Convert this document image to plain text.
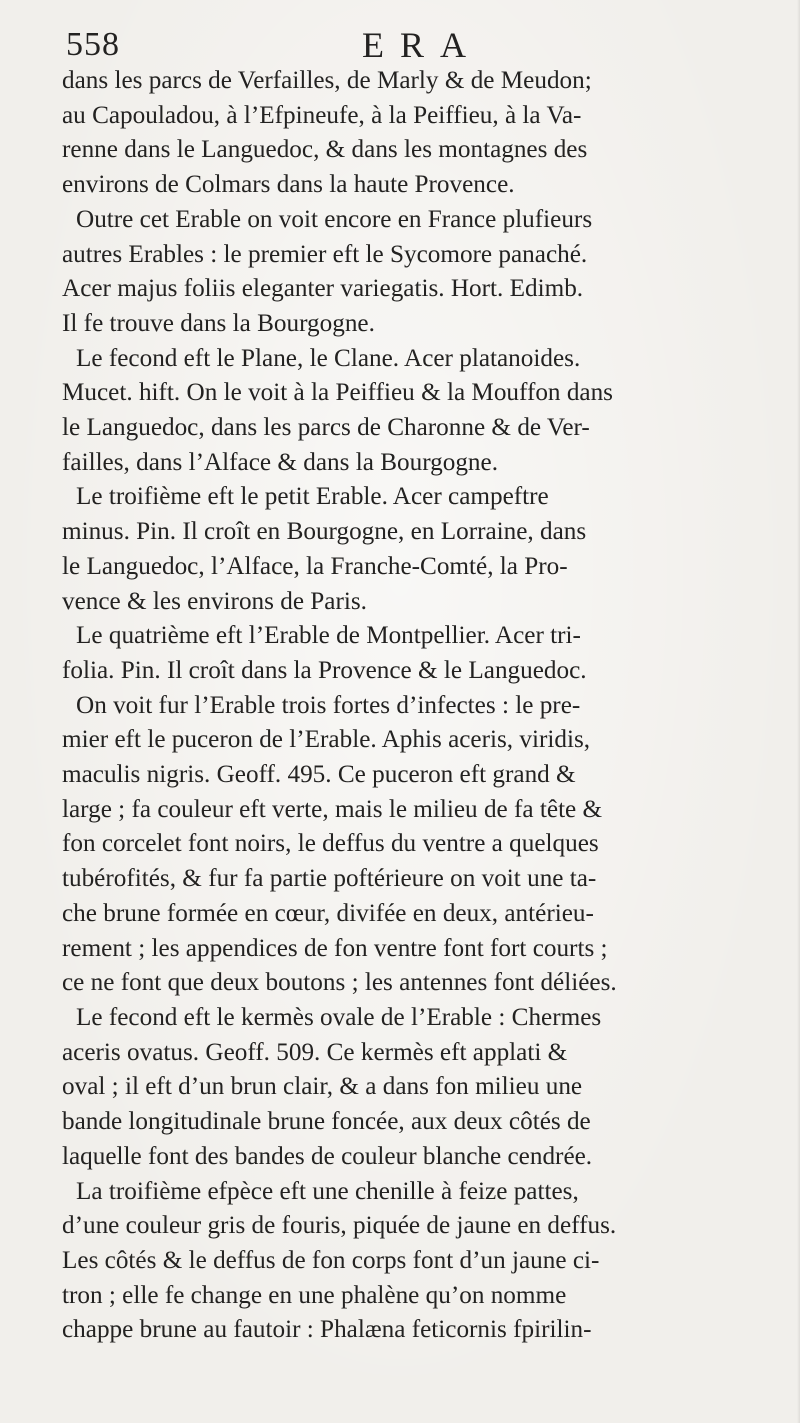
558	ERA
dans les parcs de Verfailles, de Marly & de Meudon;
au Capouladou, à l’Efpineufe, à la Peiffieu, à la Va-
renne dans le Languedoc, & dans les montagnes des
environs de Colmars dans la haute Provence.
Outre cet Erable on voit encore en France plufieurs
autres Erables : le premier eft le Sycomore panaché.
Acer majus foliis eleganter variegatis. Hort. Edimb.
Il fe trouve dans la Bourgogne.
Le fecond eft le Plane, le Clane. Acer platanoides.
Mucet. hift. On le voit à la Peiffieu & la Mouffon dans
le Languedoc, dans les parcs de Charonne & de Ver-
failles, dans l’Alface & dans la Bourgogne.
Le troifième eft le petit Erable. Acer campeftre
minus. Pin. Il croît en Bourgogne, en Lorraine, dans
le Languedoc, l’Alface, la Franche-Comté, la Pro-
vence & les environs de Paris.
Le quatrième eft l’Erable de Montpellier. Acer tri-
folia. Pin. Il croît dans la Provence & le Languedoc.
On voit fur l’Erable trois fortes d’infectes : le pre-
mier eft le puceron de l’Erable. Aphis aceris, viridis,
maculis nigris. Geoff. 495. Ce puceron eft grand &
large ; fa couleur eft verte, mais le milieu de fa tête &
fon corcelet font noirs, le deffus du ventre a quelques
tubérofités, & fur fa partie poftérieure on voit une ta-
che brune formée en cœur, divifée en deux, antérieu-
rement ; les appendices de fon ventre font fort courts ;
ce ne font que deux boutons ; les antennes font déliées.
Le fecond eft le kermès ovale de l’Erable : Chermes
aceris ovatus. Geoff. 509. Ce kermès eft applati &
oval ; il eft d’un brun clair, & a dans fon milieu une
bande longitudinale brune foncée, aux deux côtés de
laquelle font des bandes de couleur blanche cendrée.
La troifième efpèce eft une chenille à feize pattes,
d’une couleur gris de fouris, piquée de jaune en deffus.
Les côtés & le deffus de fon corps font d’un jaune ci-
tron ; elle fe change en une phalène qu’on nomme
chappe brune au fautoir : Phalæna feticornis fpirilin-
